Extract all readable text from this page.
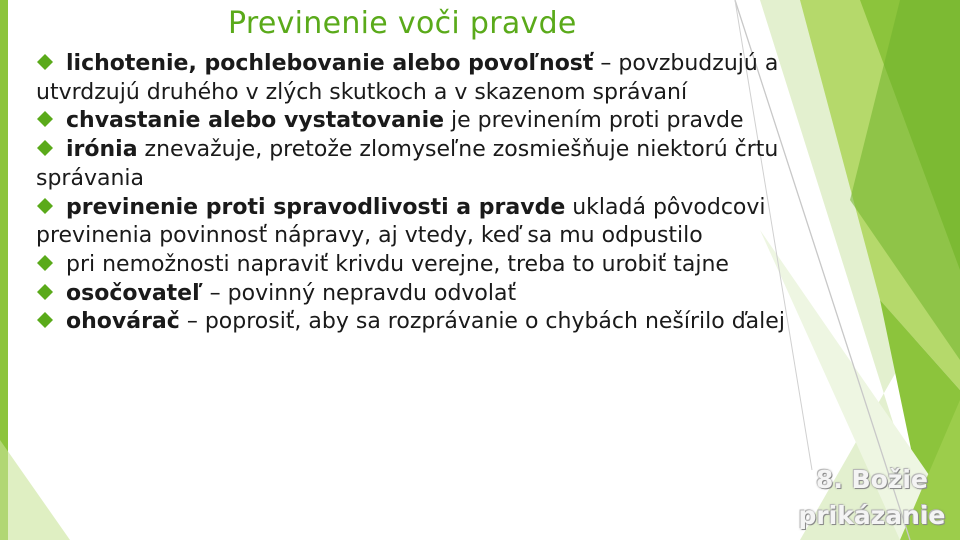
Previnenie voči pravde
lichotenie, pochlebovanie alebo povoľnosť – povzbudzujú a utvrdzujú druhého v zlých skutkoch a v skazenom správaní
chvastanie alebo vystatovanie je previnením proti pravde
irónia znevažuje, pretože zlomyseľne zosmiešňuje niektorú črtu správania
previnenie proti spravodlivosti a pravde ukladá pôvodcovi previnenia povinnosť nápravy, aj vtedy, keď sa mu odpustilo
pri nemožnosti napraviť krivdu verejne, treba to urobiť tajne
osočovateľ – povinný nepravdu odvolať
ohovárač – poprosiť, aby sa rozprávanie o chybách nešírilo ďalej
8. Božie
prikázanie
